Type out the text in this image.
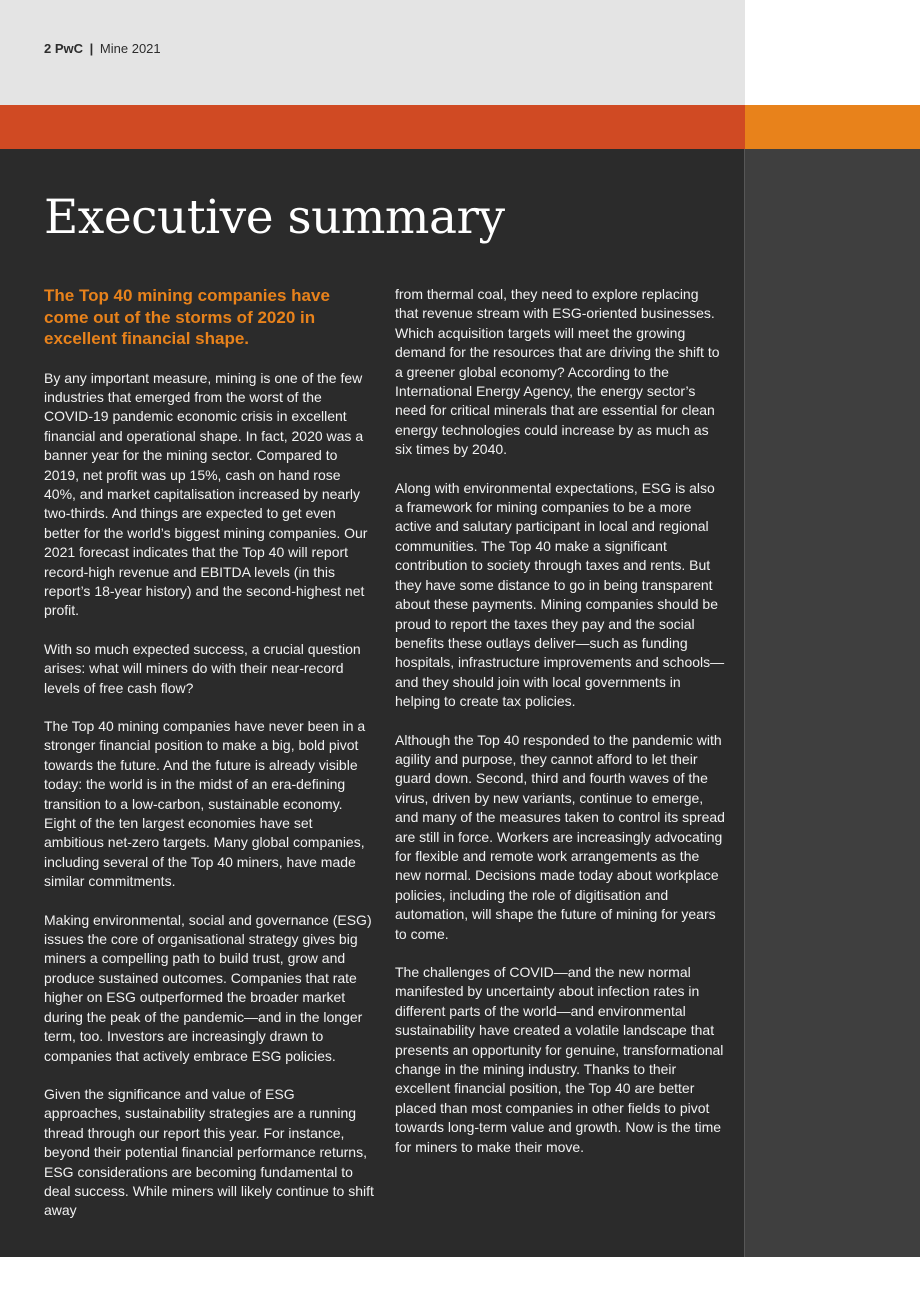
2 PwC | Mine 2021
Executive summary

The Top 40 mining companies have come out of the storms of 2020 in excellent financial shape.

By any important measure, mining is one of the few industries that emerged from the worst of the COVID-19 pandemic economic crisis in excellent financial and operational shape. In fact, 2020 was a banner year for the mining sector. Compared to 2019, net profit was up 15%, cash on hand rose 40%, and market capitalisation increased by nearly two-thirds. And things are expected to get even better for the world’s biggest mining companies. Our 2021 forecast indicates that the Top 40 will report record-high revenue and EBITDA levels (in this report’s 18-year history) and the second-highest net profit.

With so much expected success, a crucial question arises: what will miners do with their near-record levels of free cash flow?

The Top 40 mining companies have never been in a stronger financial position to make a big, bold pivot towards the future. And the future is already visible today: the world is in the midst of an era-defining transition to a low-carbon, sustainable economy. Eight of the ten largest economies have set ambitious net-zero targets. Many global companies, including several of the Top 40 miners, have made similar commitments.

Making environmental, social and governance (ESG) issues the core of organisational strategy gives big miners a compelling path to build trust, grow and produce sustained outcomes. Companies that rate higher on ESG outperformed the broader market during the peak of the pandemic—and in the longer term, too. Investors are increasingly drawn to companies that actively embrace ESG policies.

Given the significance and value of ESG approaches, sustainability strategies are a running thread through our report this year. For instance, beyond their potential financial performance returns, ESG considerations are becoming fundamental to deal success. While miners will likely continue to shift away

from thermal coal, they need to explore replacing that revenue stream with ESG-oriented businesses. Which acquisition targets will meet the growing demand for the resources that are driving the shift to a greener global economy? According to the International Energy Agency, the energy sector’s need for critical minerals that are essential for clean energy technologies could increase by as much as six times by 2040.

Along with environmental expectations, ESG is also a framework for mining companies to be a more active and salutary participant in local and regional communities. The Top 40 make a significant contribution to society through taxes and rents. But they have some distance to go in being transparent about these payments. Mining companies should be proud to report the taxes they pay and the social benefits these outlays deliver—such as funding hospitals, infrastructure improvements and schools—and they should join with local governments in helping to create tax policies.

Although the Top 40 responded to the pandemic with agility and purpose, they cannot afford to let their guard down. Second, third and fourth waves of the virus, driven by new variants, continue to emerge, and many of the measures taken to control its spread are still in force. Workers are increasingly advocating for flexible and remote work arrangements as the new normal. Decisions made today about workplace policies, including the role of digitisation and automation, will shape the future of mining for years to come.

The challenges of COVID—and the new normal manifested by uncertainty about infection rates in different parts of the world—and environmental sustainability have created a volatile landscape that presents an opportunity for genuine, transformational change in the mining industry. Thanks to their excellent financial position, the Top 40 are better placed than most companies in other fields to pivot towards long-term value and growth. Now is the time for miners to make their move.
